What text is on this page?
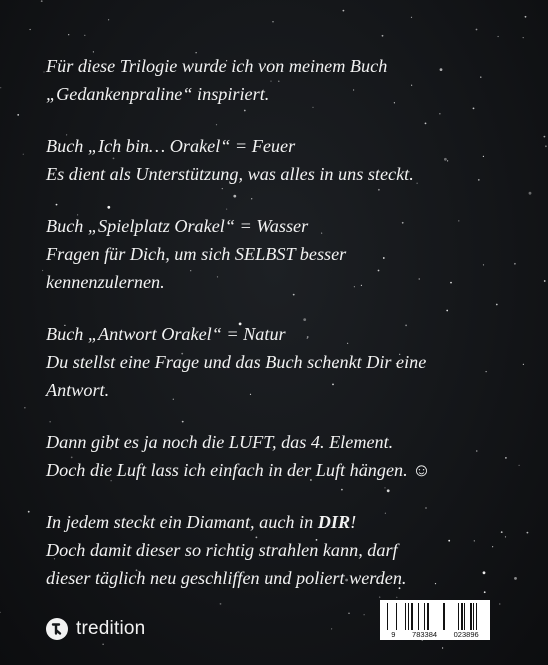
Für diese Trilogie wurde ich von meinem Buch
„Gedankenpraline“ inspiriert.

Buch „Ich bin… Orakel“ = Feuer
Es dient als Unterstützung, was alles in uns steckt.

Buch „Spielplatz Orakel“ = Wasser
Fragen für Dich, um sich SELBST besser
kennenzulernen.

Buch „Antwort Orakel“ = Natur
Du stellst eine Frage und das Buch schenkt Dir eine
Antwort.

Dann gibt es ja noch die LUFT, das 4. Element.
Doch die Luft lass ich einfach in der Luft hängen. ☺

In jedem steckt ein Diamant, auch in DIR!
Doch damit dieser so richtig strahlen kann, darf
dieser täglich neu geschliffen und poliert werden.

tredition	9 783384 023896
